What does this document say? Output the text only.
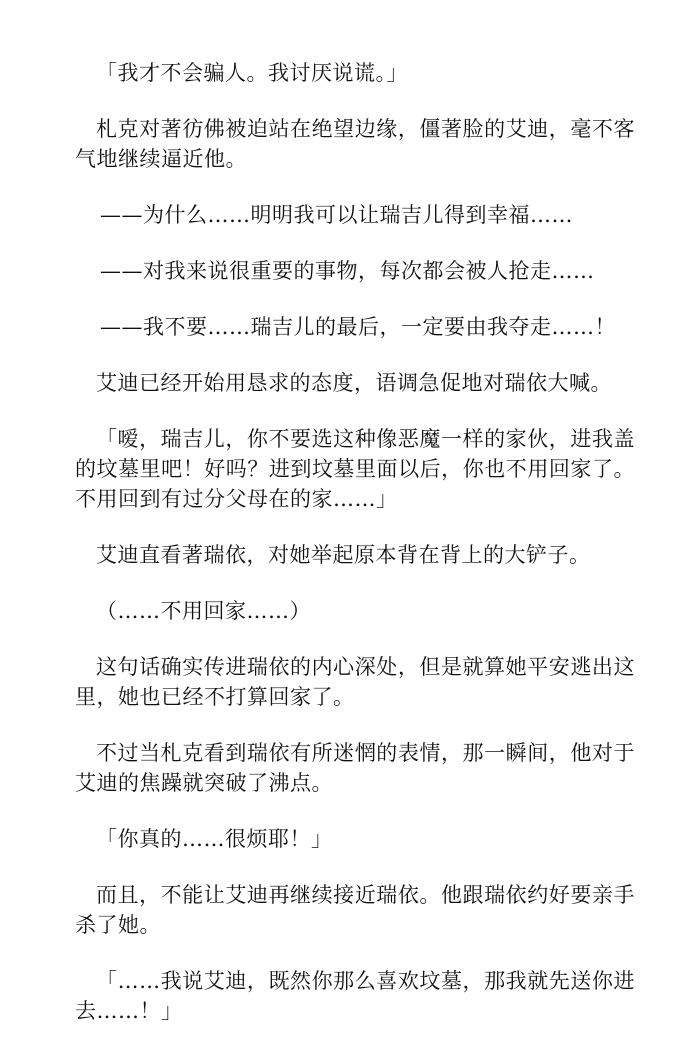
「我才不会骗人。我讨厌说谎。」

札克对著彷佛被迫站在绝望边缘，僵著脸的艾迪，毫不客气地继续逼近他。

——为什么……明明我可以让瑞吉儿得到幸福……

——对我来说很重要的事物，每次都会被人抢走……

——我不要……瑞吉儿的最后，一定要由我夺走……！

艾迪已经开始用恳求的态度，语调急促地对瑞依大喊。

「嗳，瑞吉儿，你不要选这种像恶魔一样的家伙，进我盖的坟墓里吧！好吗？进到坟墓里面以后，你也不用回家了。不用回到有过分父母在的家……」

艾迪直看著瑞依，对她举起原本背在背上的大铲子。

（……不用回家……）

这句话确实传进瑞依的内心深处，但是就算她平安逃出这里，她也已经不打算回家了。

不过当札克看到瑞依有所迷惘的表情，那一瞬间，他对于艾迪的焦躁就突破了沸点。

「你真的……很烦耶！」

而且，不能让艾迪再继续接近瑞依。他跟瑞依约好要亲手杀了她。

「……我说艾迪，既然你那么喜欢坟墓，那我就先送你进去……！」
